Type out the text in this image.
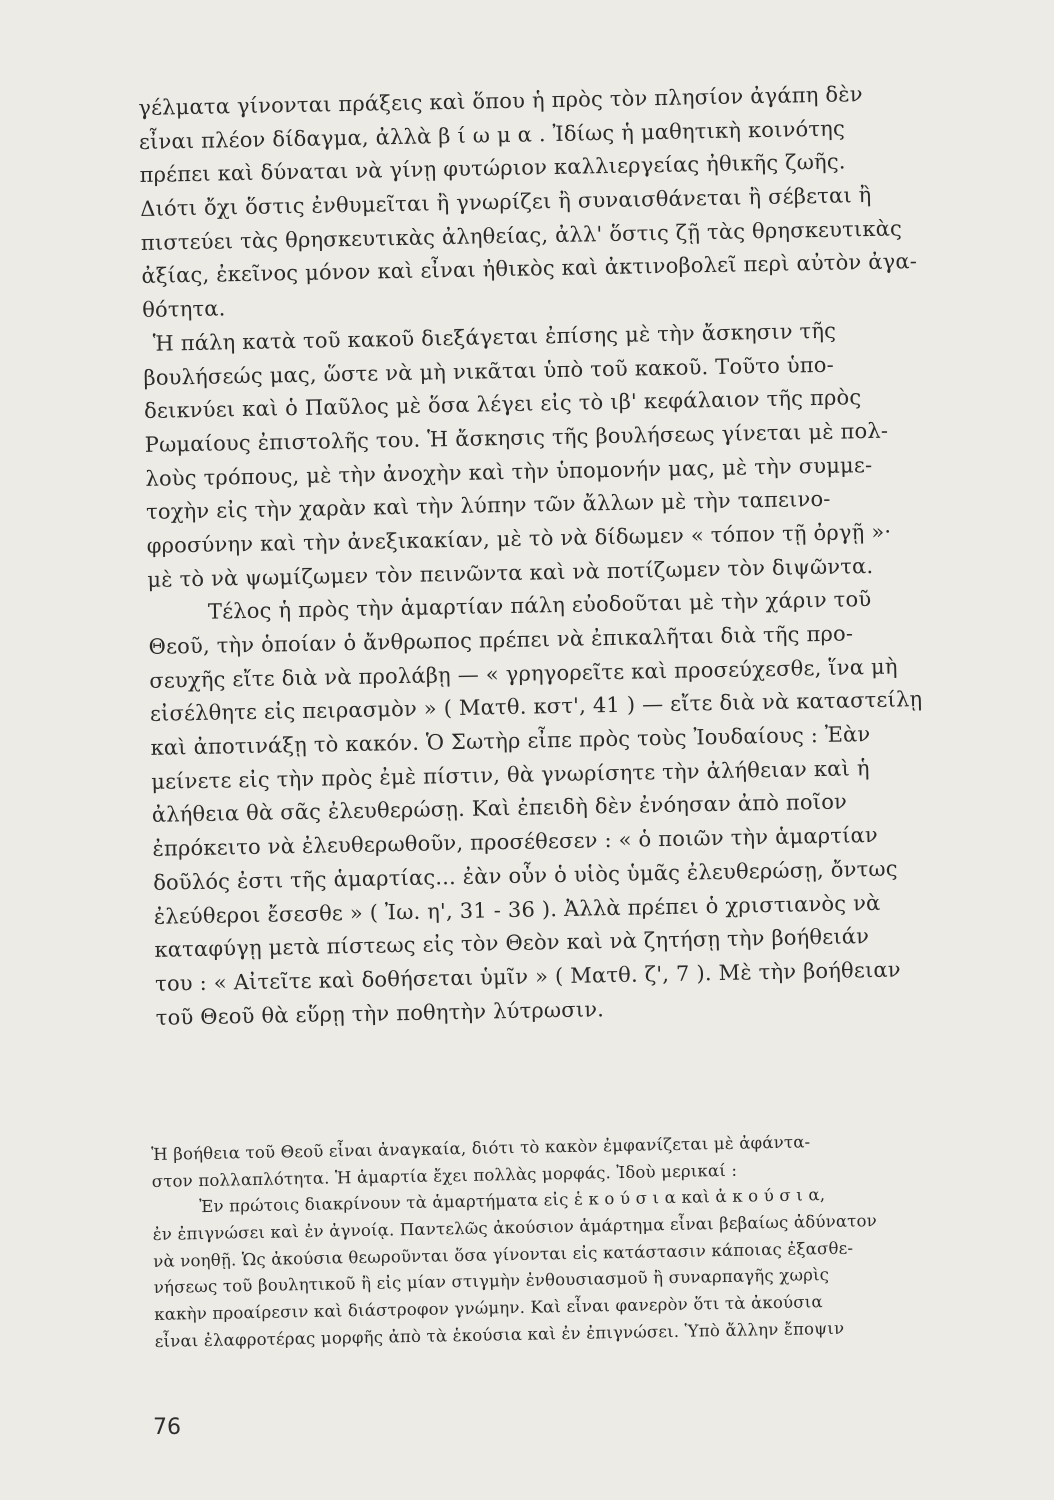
γέλματα γίνονται πράξεις καὶ ὅπου ἡ πρὸς τὸν πλησίον ἀγάπη δὲν
εἶναι πλέον δίδαγμα, ἀλλὰ β ί ω μ α . Ἰδίως ἡ μαθητικὴ κοινότης
πρέπει καὶ δύναται νὰ γίνῃ φυτώριον καλλιεργείας ἠθικῆς ζωῆς.
Διότι ὄχι ὅστις ἐνθυμεῖται ἢ γνωρίζει ἢ συναισθάνεται ἢ σέβεται ἢ
πιστεύει τὰς θρησκευτικὰς ἀληθείας, ἀλλ' ὅστις ζῇ τὰς θρησκευτικὰς
ἀξίας, ἐκεῖνος μόνον καὶ εἶναι ἠθικὸς καὶ ἀκτινοβολεῖ περὶ αὐτὸν ἀγα-
θότητα.
Ἡ πάλη κατὰ τοῦ κακοῦ διεξάγεται ἐπίσης μὲ τὴν ἄσκησιν τῆς
βουλήσεώς μας, ὥστε νὰ μὴ νικᾶται ὑπὸ τοῦ κακοῦ. Τοῦτο ὑπο-
δεικνύει καὶ ὁ Παῦλος μὲ ὅσα λέγει εἰς τὸ ιβ' κεφάλαιον τῆς πρὸς
Ρωμαίους ἐπιστολῆς του. Ἡ ἄσκησις τῆς βουλήσεως γίνεται μὲ πολ-
λοὺς τρόπους, μὲ τὴν ἀνοχὴν καὶ τὴν ὑπομονήν μας, μὲ τὴν συμμε-
τοχὴν εἰς τὴν χαρὰν καὶ τὴν λύπην τῶν ἄλλων μὲ τὴν ταπεινο-
φροσύνην καὶ τὴν ἀνεξικακίαν, μὲ τὸ νὰ δίδωμεν « τόπον τῇ ὀργῇ »·
μὲ τὸ νὰ ψωμίζωμεν τὸν πεινῶντα καὶ νὰ ποτίζωμεν τὸν διψῶντα.
Τέλος ἡ πρὸς τὴν ἁμαρτίαν πάλη εὐοδοῦται μὲ τὴν χάριν τοῦ
Θεοῦ, τὴν ὁποίαν ὁ ἄνθρωπος πρέπει νὰ ἐπικαλῆται διὰ τῆς προ-
σευχῆς εἴτε διὰ νὰ προλάβῃ — « γρηγορεῖτε καὶ προσεύχεσθε, ἵνα μὴ
εἰσέλθητε εἰς πειρασμὸν » ( Ματθ. κστ', 41 ) — εἴτε διὰ νὰ καταστείλῃ
καὶ ἀποτινάξῃ τὸ κακόν. Ὁ Σωτὴρ εἶπε πρὸς τοὺς Ἰουδαίους : Ἐὰν
μείνετε εἰς τὴν πρὸς ἐμὲ πίστιν, θὰ γνωρίσητε τὴν ἀλήθειαν καὶ ἡ
ἀλήθεια θὰ σᾶς ἐλευθερώσῃ. Καὶ ἐπειδὴ δὲν ἐνόησαν ἀπὸ ποῖον
ἐπρόκειτο νὰ ἐλευθερωθοῦν, προσέθεσεν : « ὁ ποιῶν τὴν ἁμαρτίαν
δοῦλός ἐστι τῆς ἁμαρτίας... ἐὰν οὖν ὁ υἱὸς ὑμᾶς ἐλευθερώσῃ, ὄντως
ἐλεύθεροι ἔσεσθε » ( Ἰω. η', 31 - 36 ). Ἀλλὰ πρέπει ὁ χριστιανὸς νὰ
καταφύγῃ μετὰ πίστεως εἰς τὸν Θεὸν καὶ νὰ ζητήσῃ τὴν βοήθειάν
του : « Αἰτεῖτε καὶ δοθήσεται ὑμῖν » ( Ματθ. ζ', 7 ). Μὲ τὴν βοήθειαν
τοῦ Θεοῦ θὰ εὕρῃ τὴν ποθητὴν λύτρωσιν.
Ἡ βοήθεια τοῦ Θεοῦ εἶναι ἀναγκαία, διότι τὸ κακὸν ἐμφανίζεται μὲ ἀφάντα-
στον πολλαπλότητα. Ἡ ἁμαρτία ἔχει πολλὰς μορφάς. Ἰδοὺ μερικαί :
Ἐν πρώτοις διακρίνουν τὰ ἁμαρτήματα εἰς ἑ κ ο ύ σ ι α καὶ ἀ κ ο ύ σ ι α,
ἐν ἐπιγνώσει καὶ ἐν ἀγνοίᾳ. Παντελῶς ἀκούσιον ἁμάρτημα εἶναι βεβαίως ἀδύνατον
νὰ νοηθῇ. Ὡς ἀκούσια θεωροῦνται ὅσα γίνονται εἰς κατάστασιν κάποιας ἐξασθε-
νήσεως τοῦ βουλητικοῦ ἢ εἰς μίαν στιγμὴν ἐνθουσιασμοῦ ἢ συναρπαγῆς χωρὶς
κακὴν προαίρεσιν καὶ διάστροφον γνώμην. Καὶ εἶναι φανερὸν ὅτι τὰ ἀκούσια
εἶναι ἐλαφροτέρας μορφῆς ἀπὸ τὰ ἑκούσια καὶ ἐν ἐπιγνώσει. Ὑπὸ ἄλλην ἔποψιν
76
